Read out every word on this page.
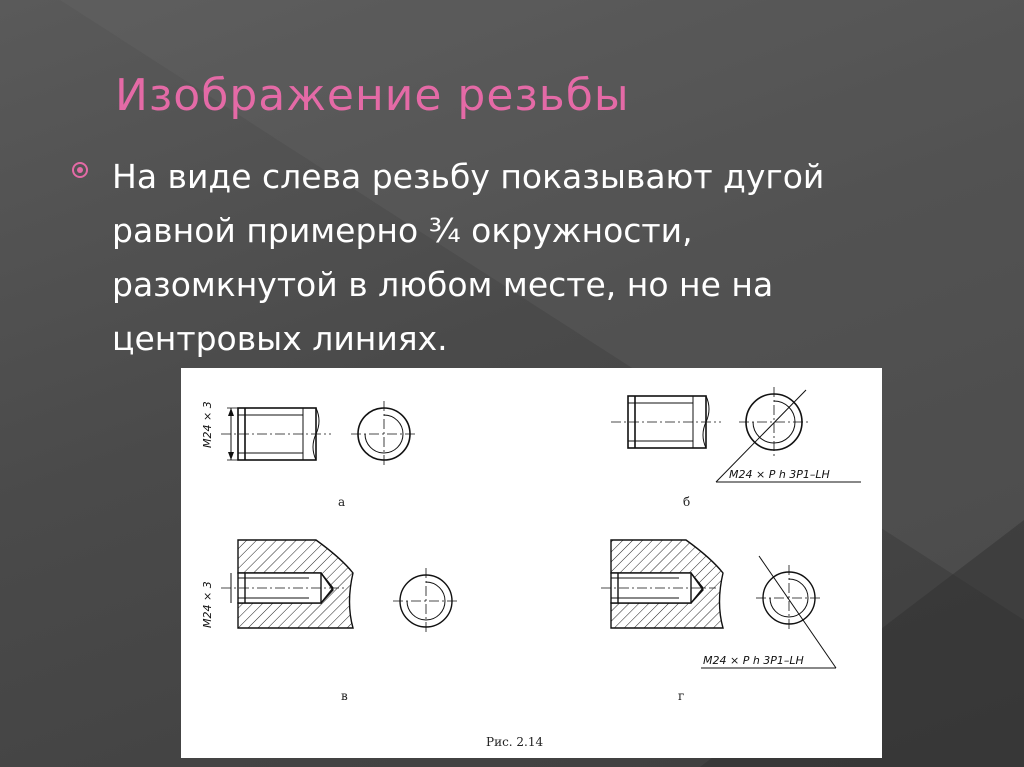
Изображение резьбы

На виде слева резьбу показывают дугой равной примерно ¾ окружности, разомкнутой в любом месте, но не на центровых линиях.

M24 × 3
а
M24 × P h 3P1–LH
б
M24 × 3
в
M24 × P h 3P1–LH
г
Рис. 2.14
